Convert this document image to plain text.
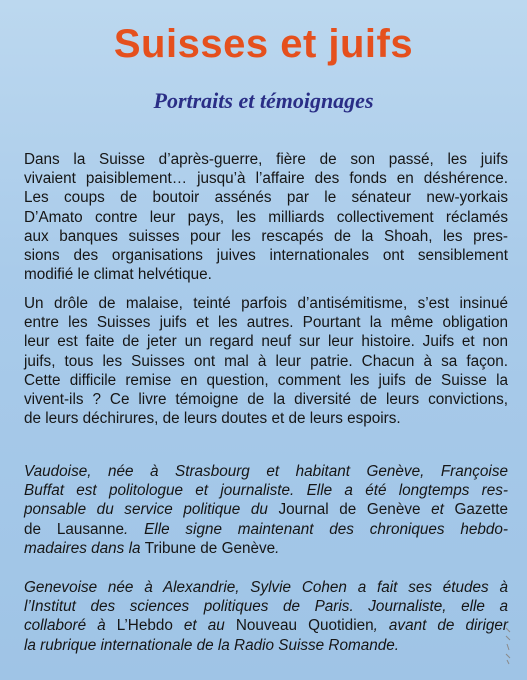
Suisses et juifs
Portraits et témoignages
Dans la Suisse d’après-guerre, fière de son passé, les juifs
vivaient paisiblement… jusqu’à l’affaire des fonds en déshérence.
Les coups de boutoir assénés par le sénateur new-yorkais
D’Amato contre leur pays, les milliards collectivement réclamés
aux banques suisses pour les rescapés de la Shoah, les pres-
sions des organisations juives internationales ont sensiblement
modifié le climat helvétique.
Un drôle de malaise, teinté parfois d’antisémitisme, s’est insinué
entre les Suisses juifs et les autres. Pourtant la même obligation
leur est faite de jeter un regard neuf sur leur histoire. Juifs et non
juifs, tous les Suisses ont mal à leur patrie. Chacun à sa façon.
Cette difficile remise en question, comment les juifs de Suisse la
vivent-ils ? Ce livre témoigne de la diversité de leurs convictions,
de leurs déchirures, de leurs doutes et de leurs espoirs.
Vaudoise, née à Strasbourg et habitant Genève, Françoise
Buffat est politologue et journaliste. Elle a été longtemps res-
ponsable du service politique du Journal de Genève et Gazette
de Lausanne. Elle signe maintenant des chroniques hebdo-
madaires dans la Tribune de Genève.
Genevoise née à Alexandrie, Sylvie Cohen a fait ses études à
l’Institut des sciences politiques de Paris. Journaliste, elle a
collaboré à L’Hebdo et au Nouveau Quotidien, avant de diriger
la rubrique internationale de la Radio Suisse Romande.
